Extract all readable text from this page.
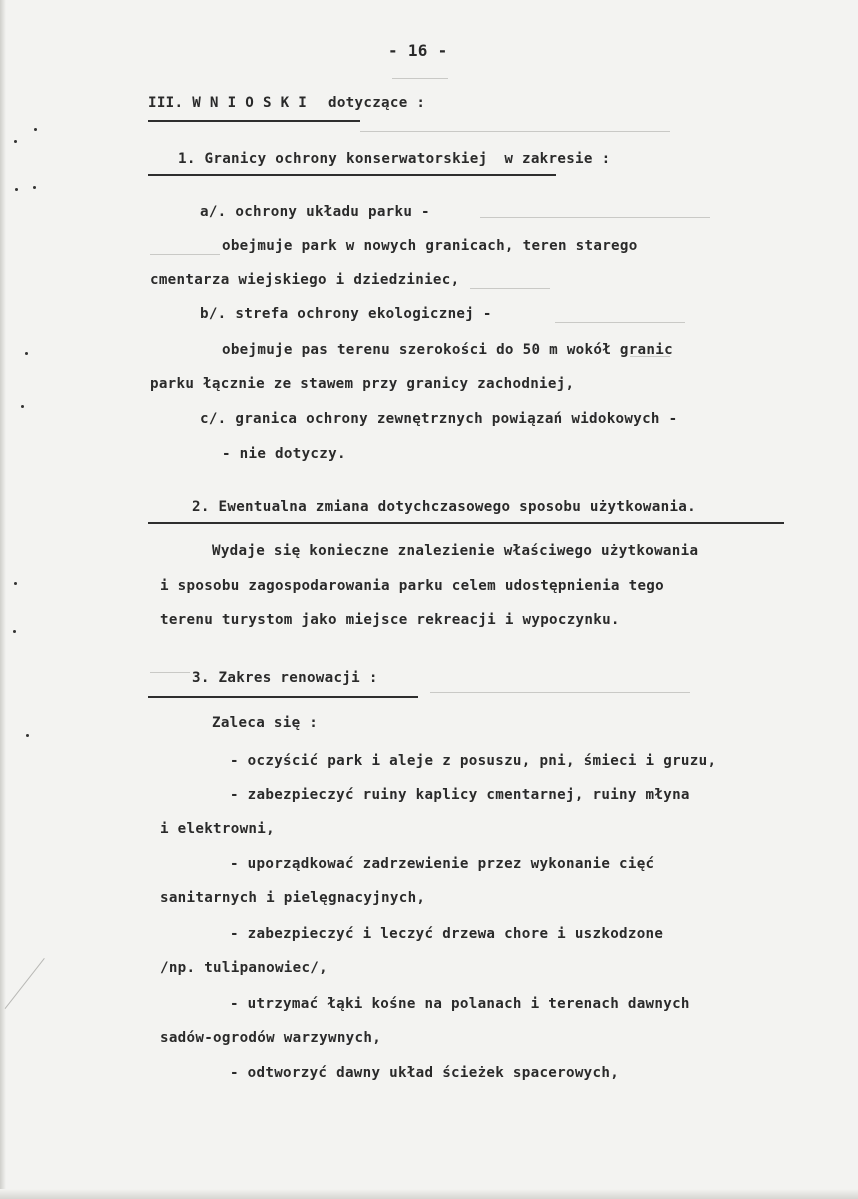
- 16 -
III. W N I O S K I dotyczące :
1. Granicy ochrony konserwatorskiej w zakresie :
a/. ochrony układu parku -
obejmuje park w nowych granicach, teren starego
cmentarza wiejskiego i dziedziniec,
b/. strefa ochrony ekologicznej -
obejmuje pas terenu szerokości do 50 m wokół granic
parku łącznie ze stawem przy granicy zachodniej,
c/. granica ochrony zewnętrznych powiązań widokowych -
- nie dotyczy.
2. Ewentualna zmiana dotychczasowego sposobu użytkowania.
Wydaje się konieczne znalezienie właściwego użytkowania
i sposobu zagospodarowania parku celem udostępnienia tego
terenu turystom jako miejsce rekreacji i wypoczynku.
3. Zakres renowacji :
Zaleca się :
- oczyścić park i aleje z posuszu, pni, śmieci i gruzu,
- zabezpieczyć ruiny kaplicy cmentarnej, ruiny młyna
i elektrowni,
- uporządkować zadrzewienie przez wykonanie cięć
sanitarnych i pielęgnacyjnych,
- zabezpieczyć i leczyć drzewa chore i uszkodzone
/np. tulipanowiec/,
- utrzymać łąki kośne na polanach i terenach dawnych
sadów-ogrodów warzywnych,
- odtworzyć dawny układ ścieżek spacerowych,
